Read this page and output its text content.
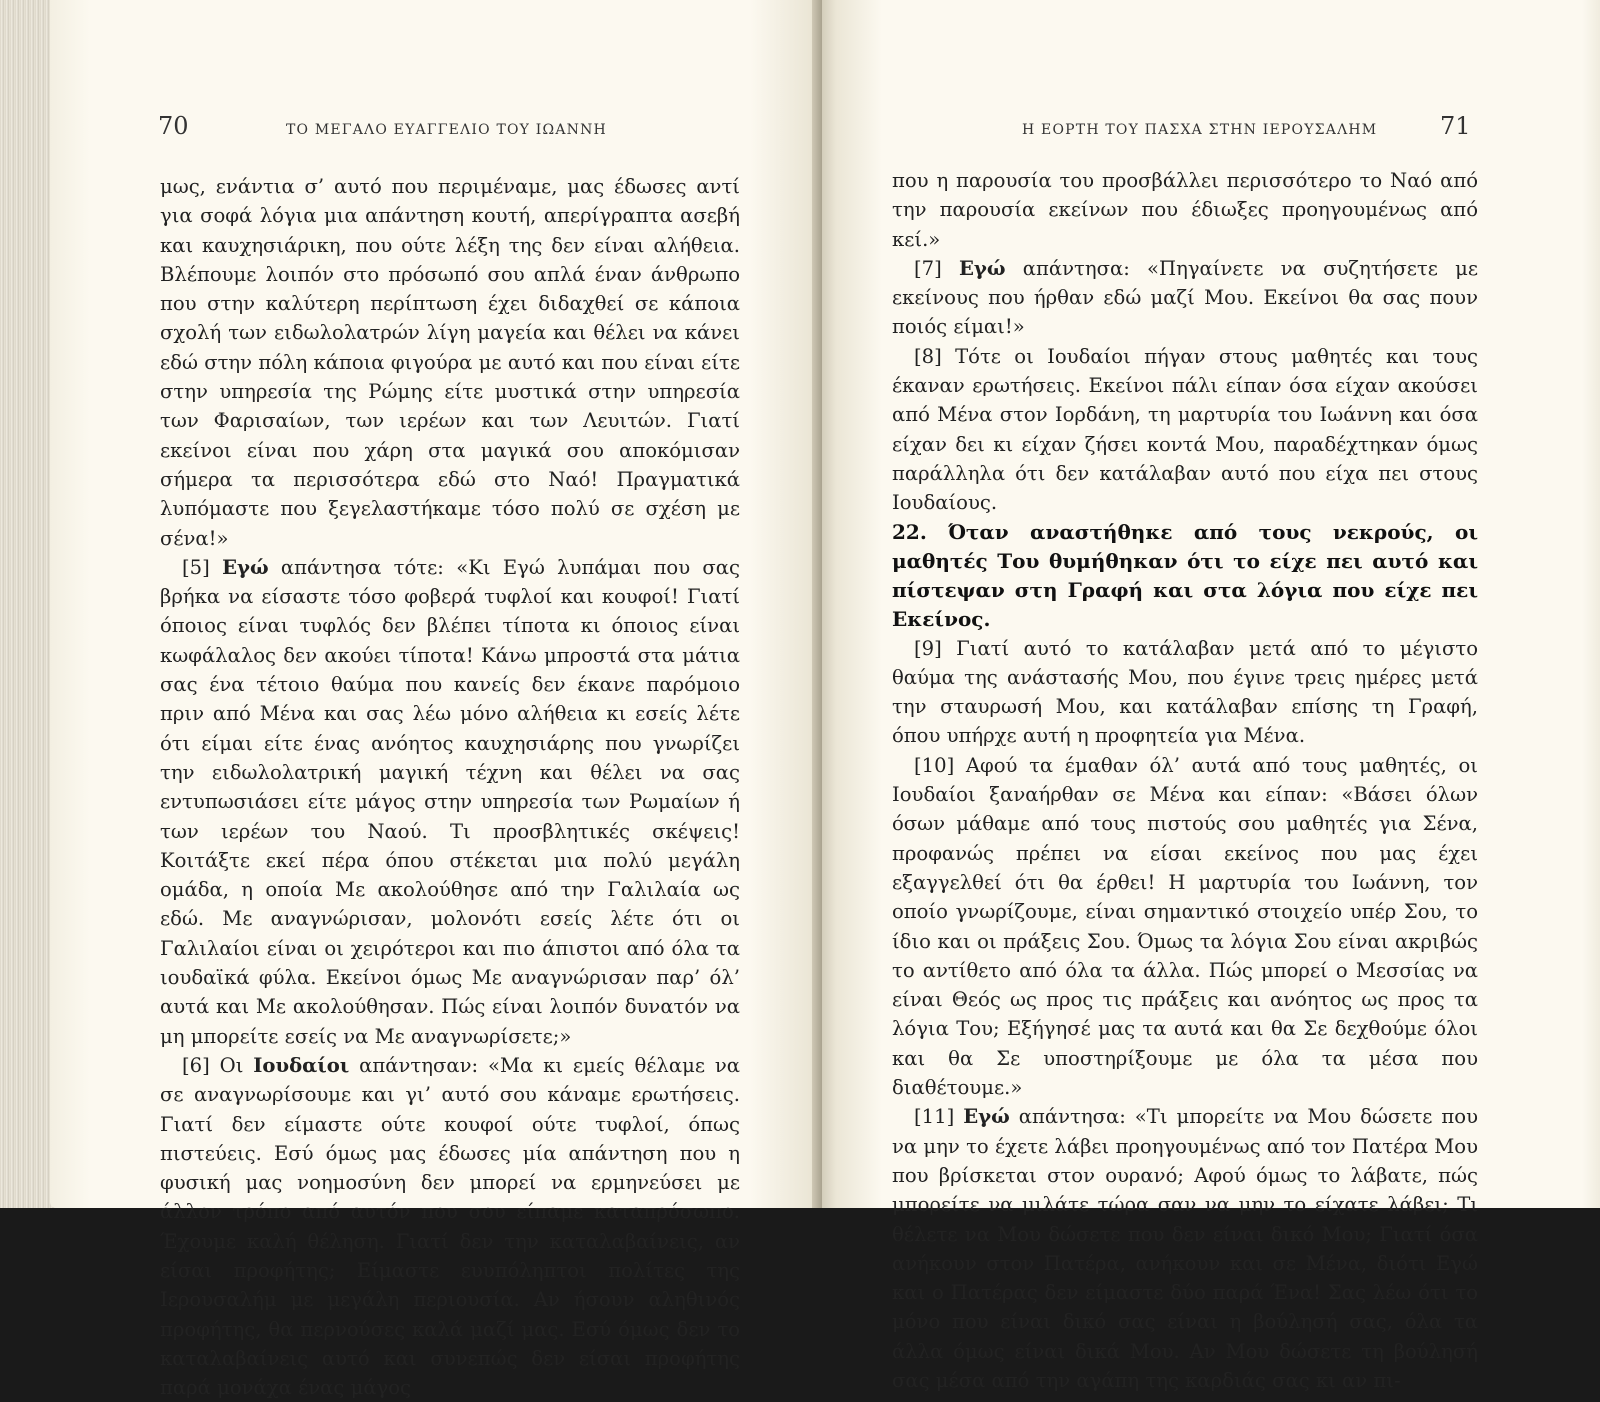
70	ΤΟ ΜΕΓΑΛΟ ΕΥΑΓΓΕΛΙΟ ΤΟΥ ΙΩΑΝΝΗ

μως, ενάντια σ’ αυτό που περιμέναμε, μας έδωσες αντί για σοφά λόγια μια απάντηση κουτή, απερίγραπτα ασεβή και καυχησιάρικη, που ούτε λέξη της δεν είναι αλήθεια. Βλέπουμε λοιπόν στο πρόσωπό σου απλά έναν άνθρωπο που στην καλύτερη περίπτωση έχει διδαχθεί σε κάποια σχολή των ειδωλολατρών λίγη μαγεία και θέλει να κάνει εδώ στην πόλη κάποια φιγούρα με αυτό και που είναι είτε στην υπηρεσία της Ρώμης είτε μυστικά στην υπηρεσία των Φαρισαίων, των ιερέων και των Λευιτών. Γιατί εκείνοι είναι που χάρη στα μαγικά σου αποκόμισαν σήμερα τα περισσότερα εδώ στο Ναό! Πραγματικά λυπόμαστε που ξεγελαστήκαμε τόσο πολύ σε σχέση με σένα!»

[5] Εγώ απάντησα τότε: «Κι Εγώ λυπάμαι που σας βρήκα να είσαστε τόσο φοβερά τυφλοί και κουφοί! Γιατί όποιος είναι τυφλός δεν βλέπει τίποτα κι όποιος είναι κωφάλαλος δεν ακούει τίποτα! Κάνω μπροστά στα μάτια σας ένα τέτοιο θαύμα που κανείς δεν έκανε παρόμοιο πριν από Μένα και σας λέω μόνο αλήθεια κι εσείς λέτε ότι είμαι είτε ένας ανόητος καυχησιάρης που γνωρίζει την ειδωλολατρική μαγική τέχνη και θέλει να σας εντυπωσιάσει είτε μάγος στην υπηρεσία των Ρωμαίων ή των ιερέων του Ναού. Τι προσβλητικές σκέψεις! Κοιτάξτε εκεί πέρα όπου στέκεται μια πολύ μεγάλη ομάδα, η οποία Με ακολούθησε από την Γαλιλαία ως εδώ. Με αναγνώρισαν, μολονότι εσείς λέτε ότι οι Γαλιλαίοι είναι οι χειρότεροι και πιο άπιστοι από όλα τα ιουδαϊκά φύλα. Εκείνοι όμως Με αναγνώρισαν παρ’ όλ’ αυτά και Με ακολούθησαν. Πώς είναι λοιπόν δυνατόν να μη μπορείτε εσείς να Με αναγνωρίσετε;»

[6] Οι Ιουδαίοι απάντησαν: «Μα κι εμείς θέλαμε να σε αναγνωρίσουμε και γι’ αυτό σου κάναμε ερωτήσεις. Γιατί δεν είμαστε ούτε κουφοί ούτε τυφλοί, όπως πιστεύεις. Εσύ όμως μας έδωσες μία απάντηση που η φυσική μας νοημοσύνη δεν μπορεί να ερμηνεύσει με άλλον τρόπο από αυτόν που σου είπαμε καταπρόσωπο. Έχουμε καλή θέληση. Γιατί δεν την καταλαβαίνεις, αν είσαι προφήτης; Είμαστε ευυπόληπτοι πολίτες της Ιερουσαλήμ με μεγάλη περιουσία. Αν ήσουν αληθινός προφήτης, θα περνούσες καλά μαζί μας. Εσύ όμως δεν το καταλαβαίνεις αυτό και συνεπώς δεν είσαι προφήτης παρά μονάχα ένας μάγος

Η ΕΟΡΤΗ ΤΟΥ ΠΑΣΧΑ ΣΤΗΝ ΙΕΡΟΥΣΑΛΗΜ	71

που η παρουσία του προσβάλλει περισσότερο το Ναό από την παρουσία εκείνων που έδιωξες προηγουμένως από κεί.»

[7] Εγώ απάντησα: «Πηγαίνετε να συζητήσετε με εκείνους που ήρθαν εδώ μαζί Μου. Εκείνοι θα σας πουν ποιός είμαι!»

[8] Τότε οι Ιουδαίοι πήγαν στους μαθητές και τους έκαναν ερωτήσεις. Εκείνοι πάλι είπαν όσα είχαν ακούσει από Μένα στον Ιορδάνη, τη μαρτυρία του Ιωάννη και όσα είχαν δει κι είχαν ζήσει κοντά Μου, παραδέχτηκαν όμως παράλληλα ότι δεν κατάλαβαν αυτό που είχα πει στους Ιουδαίους.

22. Όταν αναστήθηκε από τους νεκρούς, οι μαθητές Του θυμήθηκαν ότι το είχε πει αυτό και πίστεψαν στη Γραφή και στα λόγια που είχε πει Εκείνος.

[9] Γιατί αυτό το κατάλαβαν μετά από το μέγιστο θαύμα της ανάστασής Μου, που έγινε τρεις ημέρες μετά την σταυρωσή Μου, και κατάλαβαν επίσης τη Γραφή, όπου υπήρχε αυτή η προφητεία για Μένα.

[10] Αφού τα έμαθαν όλ’ αυτά από τους μαθητές, οι Ιουδαίοι ξαναήρθαν σε Μένα και είπαν: «Βάσει όλων όσων μάθαμε από τους πιστούς σου μαθητές για Σένα, προφανώς πρέπει να είσαι εκείνος που μας έχει εξαγγελθεί ότι θα έρθει! Η μαρτυρία του Ιωάννη, τον οποίο γνωρίζουμε, είναι σημαντικό στοιχείο υπέρ Σου, το ίδιο και οι πράξεις Σου. Όμως τα λόγια Σου είναι ακριβώς το αντίθετο από όλα τα άλλα. Πώς μπορεί ο Μεσσίας να είναι Θεός ως προς τις πράξεις και ανόητος ως προς τα λόγια Του; Εξήγησέ μας τα αυτά και θα Σε δεχθούμε όλοι και θα Σε υποστηρίξουμε με όλα τα μέσα που διαθέτουμε.»

[11] Εγώ απάντησα: «Τι μπορείτε να Μου δώσετε που να μην το έχετε λάβει προηγουμένως από τον Πατέρα Μου που βρίσκεται στον ουρανό; Αφού όμως το λάβατε, πώς μπορείτε να μιλάτε τώρα σαν να μην το είχατε λάβει; Τι θέλετε να Μου δώσετε που δεν είναι δικό Μου; Γιατί όσα ανήκουν στον Πατέρα, ανήκουν και σε Μένα, διότι Εγώ και ο Πατέρας δεν είμαστε δύο παρά Ένα! Σας λέω ότι το μόνο που είναι δικό σας είναι η βούλησή σας, όλα τα άλλα όμως είναι δικά Μου. Αν Μου δώσετε τη βούλησή σας μέσα από την αγάπη της καρδιάς σας κι αν πι-
